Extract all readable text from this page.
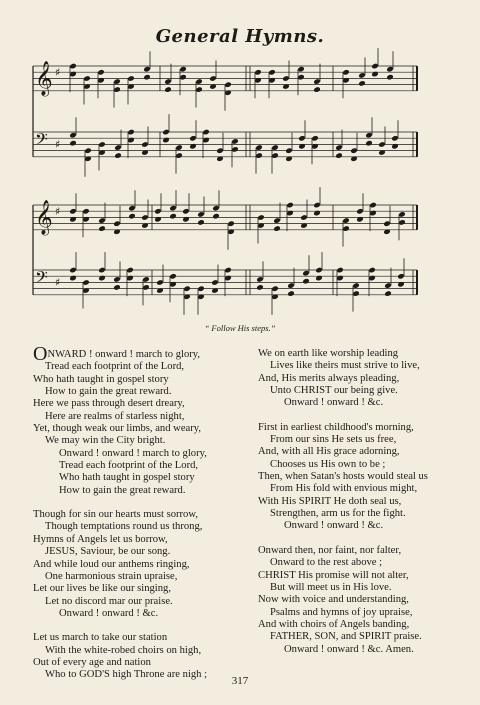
General Hymns.
𝄞 ♯
𝄢 ♯
𝄞 ♯
𝄢 ♯
“ Follow His steps.”
ONWARD ! onward ! march to glory,
Tread each footprint of the Lord,
Who hath taught in gospel story
How to gain the great reward.
Here we pass through desert dreary,
Here are realms of starless night,
Yet, though weak our limbs, and weary,
We may win the City bright.
Onward ! onward ! march to glory,
Tread each footprint of the Lord,
Who hath taught in gospel story
How to gain the great reward.
Though for sin our hearts must sorrow,
Though temptations round us throng,
Hymns of Angels let us borrow,
JESUS, Saviour, be our song.
And while loud our anthems ringing,
One harmonious strain upraise,
Let our lives be like our singing,
Let no discord mar our praise.
Onward ! onward ! &c.
Let us march to take our station
With the white-robed choirs on high,
Out of every age and nation
Who to GOD'S high Throne are nigh ;
We on earth like worship leading
Lives like theirs must strive to live,
And, His merits always pleading,
Unto CHRIST our being give.
Onward ! onward ! &c.
First in earliest childhood's morning,
From our sins He sets us free,
And, with all His grace adorning,
Chooses us His own to be ;
Then, when Satan's hosts would steal us
From His fold with envious might,
With His SPIRIT He doth seal us,
Strengthen, arm us for the fight.
Onward ! onward ! &c.
Onward then, nor faint, nor falter,
Onward to the rest above ;
CHRIST His promise will not alter,
But will meet us in His love.
Now with voice and understanding,
Psalms and hymns of joy upraise,
And with choirs of Angels banding,
FATHER, SON, and SPIRIT praise.
Onward ! onward ! &c. Amen.
317
